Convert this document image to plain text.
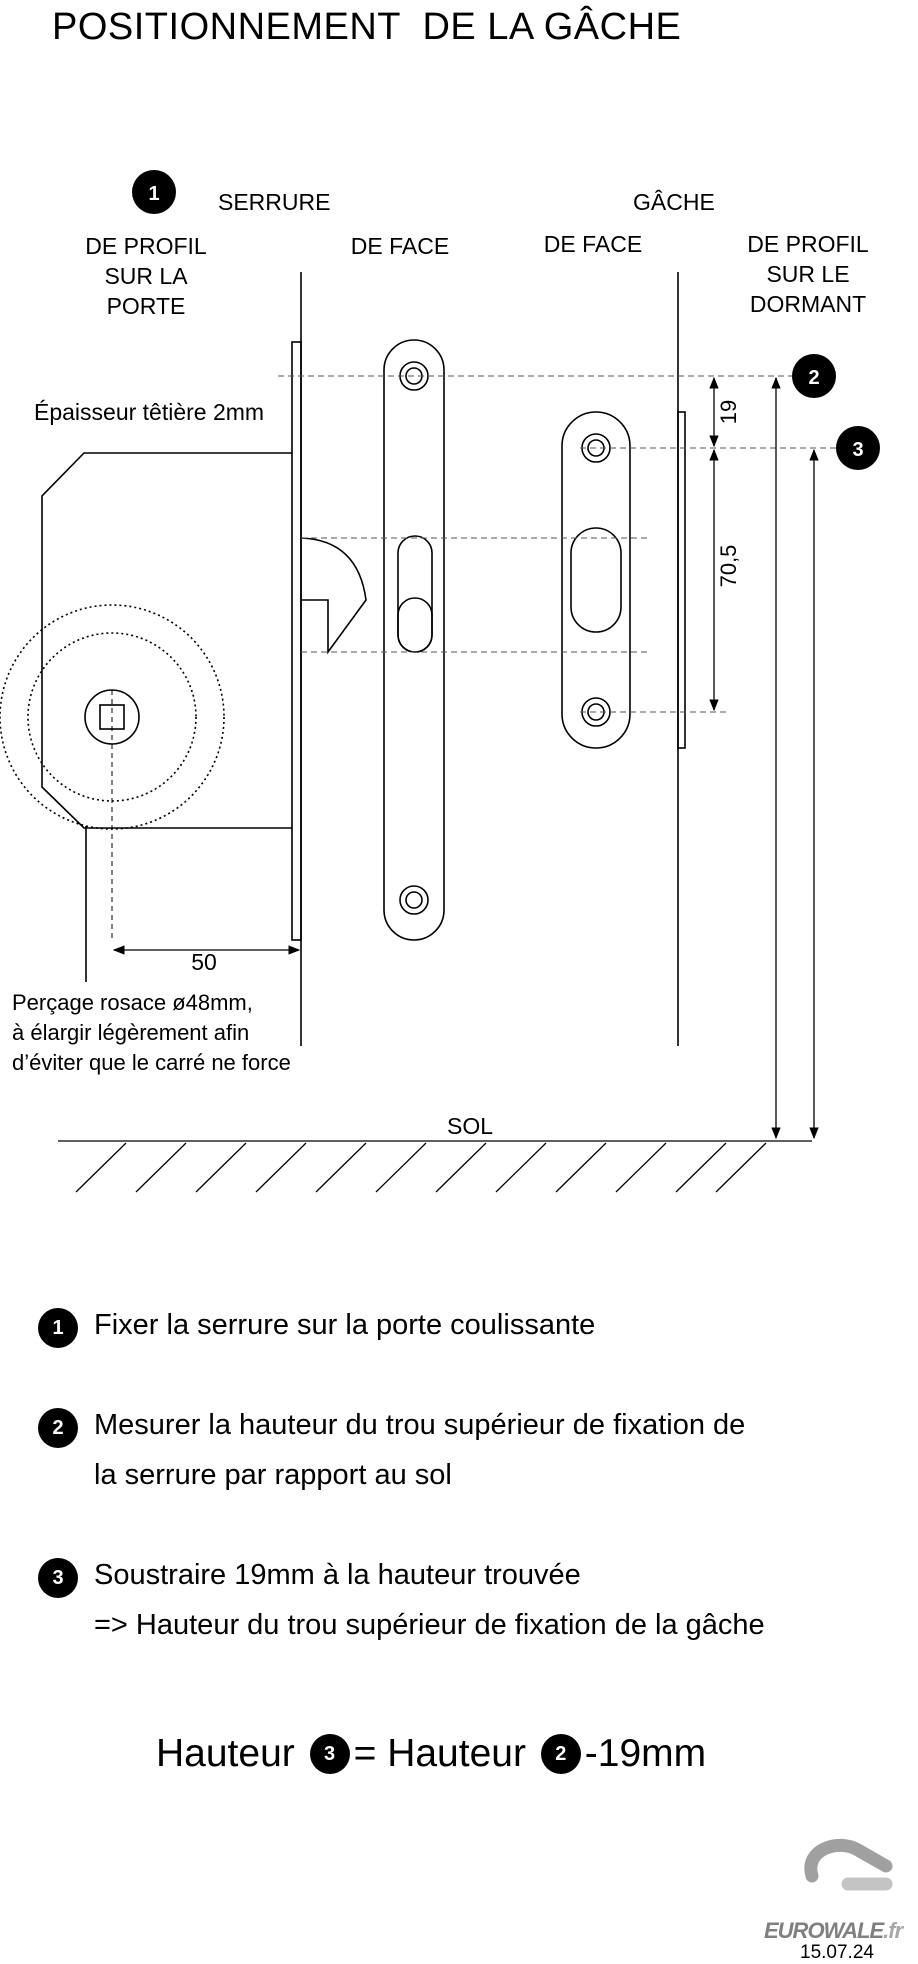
POSITIONNEMENT  DE LA GÂCHE
1	SERRURE	GÂCHE
DE PROFIL
SUR LA
PORTE
DE FACE	DE FACE	DE PROFIL
SUR LE
DORMANT
Épaisseur têtière 2mm
50
Perçage rosace ø48mm,
à élargir légèrement afin
d’éviter que le carré ne force
19
70,5
2
3
SOL
1	Fixer la serrure sur la porte coulissante
2	Mesurer la hauteur du trou supérieur de fixation de
la serrure par rapport au sol
3	Soustraire 19mm à la hauteur trouvée
=> Hauteur du trou supérieur de fixation de la gâche
Hauteur 3 = Hauteur 2 -19mm
EUROWALE.fr
15.07.24
